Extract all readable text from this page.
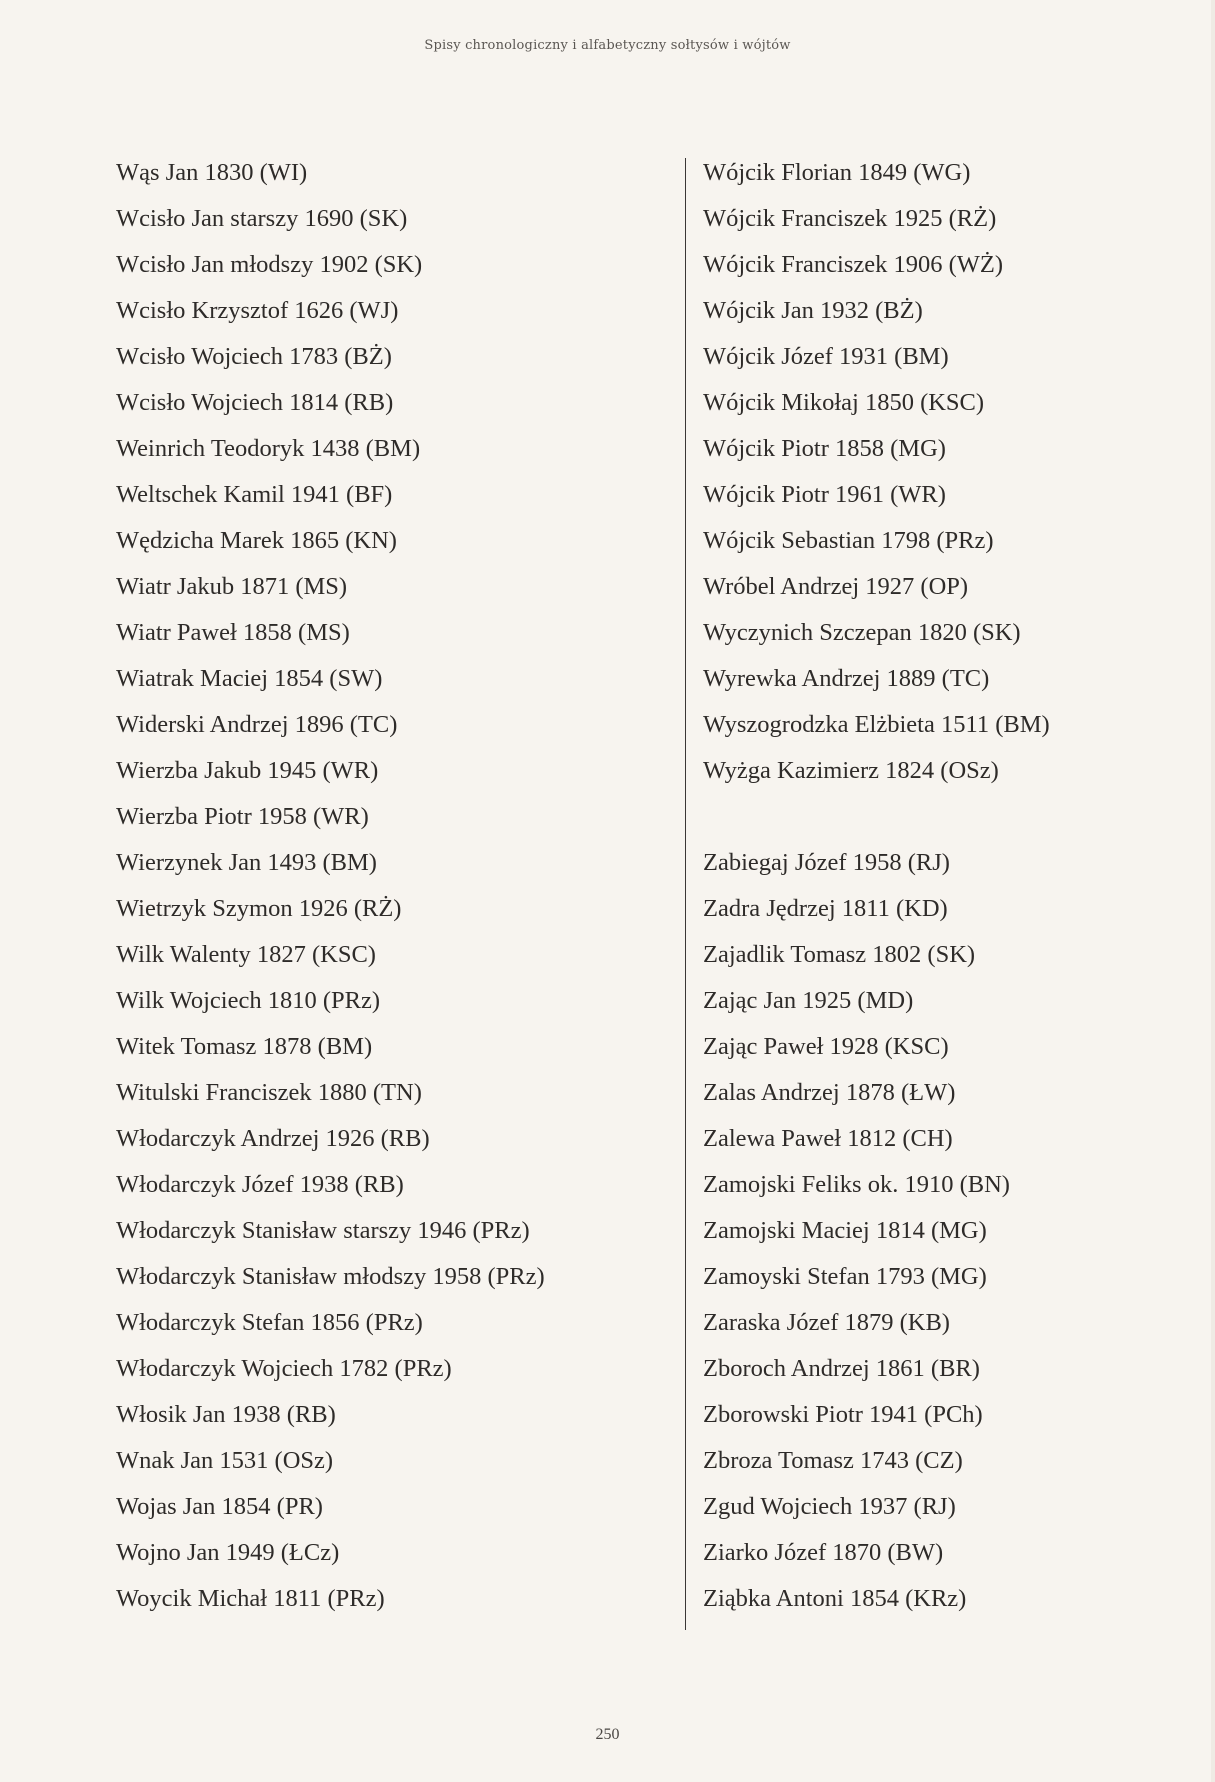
Spisy chronologiczny i alfabetyczny sołtysów i wójtów
Wąs Jan 1830 (WI)
Wcisło Jan starszy 1690 (SK)
Wcisło Jan młodszy 1902 (SK)
Wcisło Krzysztof 1626 (WJ)
Wcisło Wojciech 1783 (BŻ)
Wcisło Wojciech 1814 (RB)
Weinrich Teodoryk 1438 (BM)
Weltschek Kamil 1941 (BF)
Wędzicha Marek 1865 (KN)
Wiatr Jakub 1871 (MS)
Wiatr Paweł 1858 (MS)
Wiatrak Maciej 1854 (SW)
Widerski Andrzej 1896 (TC)
Wierzba Jakub 1945 (WR)
Wierzba Piotr 1958 (WR)
Wierzynek Jan 1493 (BM)
Wietrzyk Szymon 1926 (RŻ)
Wilk Walenty 1827 (KSC)
Wilk Wojciech 1810 (PRz)
Witek Tomasz 1878 (BM)
Witulski Franciszek 1880 (TN)
Włodarczyk Andrzej 1926 (RB)
Włodarczyk Józef 1938 (RB)
Włodarczyk Stanisław starszy 1946 (PRz)
Włodarczyk Stanisław młodszy 1958 (PRz)
Włodarczyk Stefan 1856 (PRz)
Włodarczyk Wojciech 1782 (PRz)
Włosik Jan 1938 (RB)
Wnak Jan 1531 (OSz)
Wojas Jan 1854 (PR)
Wojno Jan 1949 (ŁCz)
Woycik Michał 1811 (PRz)
Wójcik Florian 1849 (WG)
Wójcik Franciszek 1925 (RŻ)
Wójcik Franciszek 1906 (WŻ)
Wójcik Jan 1932 (BŻ)
Wójcik Józef 1931 (BM)
Wójcik Mikołaj 1850 (KSC)
Wójcik Piotr 1858 (MG)
Wójcik Piotr 1961 (WR)
Wójcik Sebastian 1798 (PRz)
Wróbel Andrzej 1927 (OP)
Wyczynich Szczepan 1820 (SK)
Wyrewka Andrzej 1889 (TC)
Wyszogrodzka Elżbieta 1511 (BM)
Wyżga Kazimierz 1824 (OSz)
Zabiegaj Józef 1958 (RJ)
Zadra Jędrzej 1811 (KD)
Zajadlik Tomasz 1802 (SK)
Zając Jan 1925 (MD)
Zając Paweł 1928 (KSC)
Zalas Andrzej 1878 (ŁW)
Zalewa Paweł 1812 (CH)
Zamojski Feliks ok. 1910 (BN)
Zamojski Maciej 1814 (MG)
Zamoyski Stefan 1793 (MG)
Zaraska Józef 1879 (KB)
Zboroch Andrzej 1861 (BR)
Zborowski Piotr 1941 (PCh)
Zbroza Tomasz 1743 (CZ)
Zgud Wojciech 1937 (RJ)
Ziarko Józef 1870 (BW)
Ziąbka Antoni 1854 (KRz)
250
